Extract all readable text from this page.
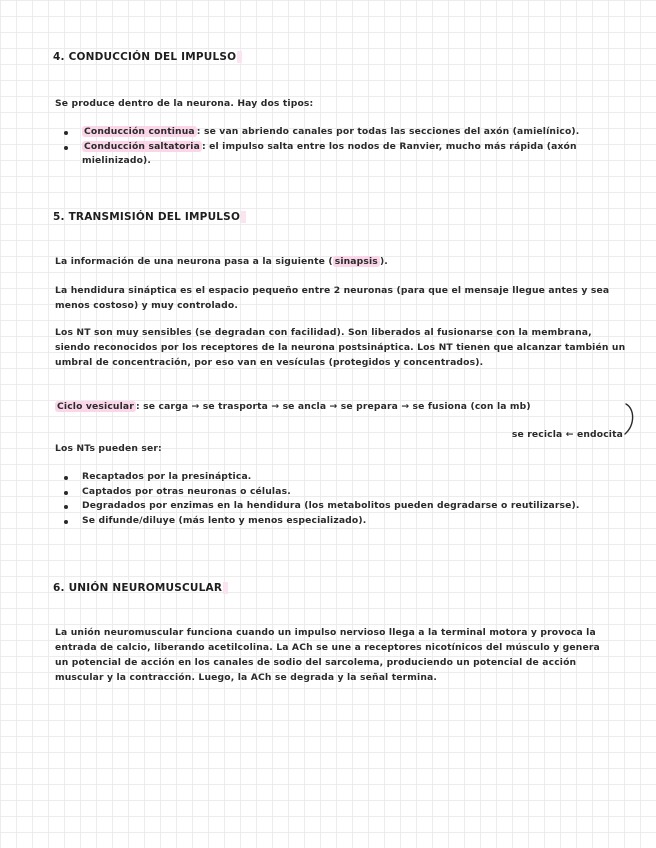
4. CONDUCCIÓN DEL IMPULSO
Se produce dentro de la neurona. Hay dos tipos:
Conducción continua : se van abriendo canales por todas las secciones del axón (amielínico).
Conducción saltatoria : el impulso salta entre los nodos de Ranvier, mucho más rápida (axón mielinizado).
5. TRANSMISIÓN DEL IMPULSO
La información de una neurona pasa a la siguiente ( sinapsis ).
La hendidura sináptica es el espacio pequeño entre 2 neuronas (para que el mensaje llegue antes y sea menos costoso) y muy controlado.
Los NT son muy sensibles (se degradan con facilidad). Son liberados al fusionarse con la membrana, siendo reconocidos por los receptores de la neurona postsináptica. Los NT tienen que alcanzar también un umbral de concentración, por eso van en vesículas (protegidos y concentrados).
Ciclo vesicular : se carga → se trasporta → se ancla → se prepara → se fusiona (con la mb)
se recicla ← endocita
Los NTs pueden ser:
Recaptados por la presináptica.
Captados por otras neuronas o células.
Degradados por enzimas en la hendidura (los metabolitos pueden degradarse o reutilizarse).
Se difunde/diluye (más lento y menos especializado).
6. UNIÓN NEUROMUSCULAR
La unión neuromuscular funciona cuando un impulso nervioso llega a la terminal motora y provoca la entrada de calcio, liberando acetilcolina. La ACh se une a receptores nicotínicos del músculo y genera un potencial de acción en los canales de sodio del sarcolema, produciendo un potencial de acción muscular y la contracción. Luego, la ACh se degrada y la señal termina.
